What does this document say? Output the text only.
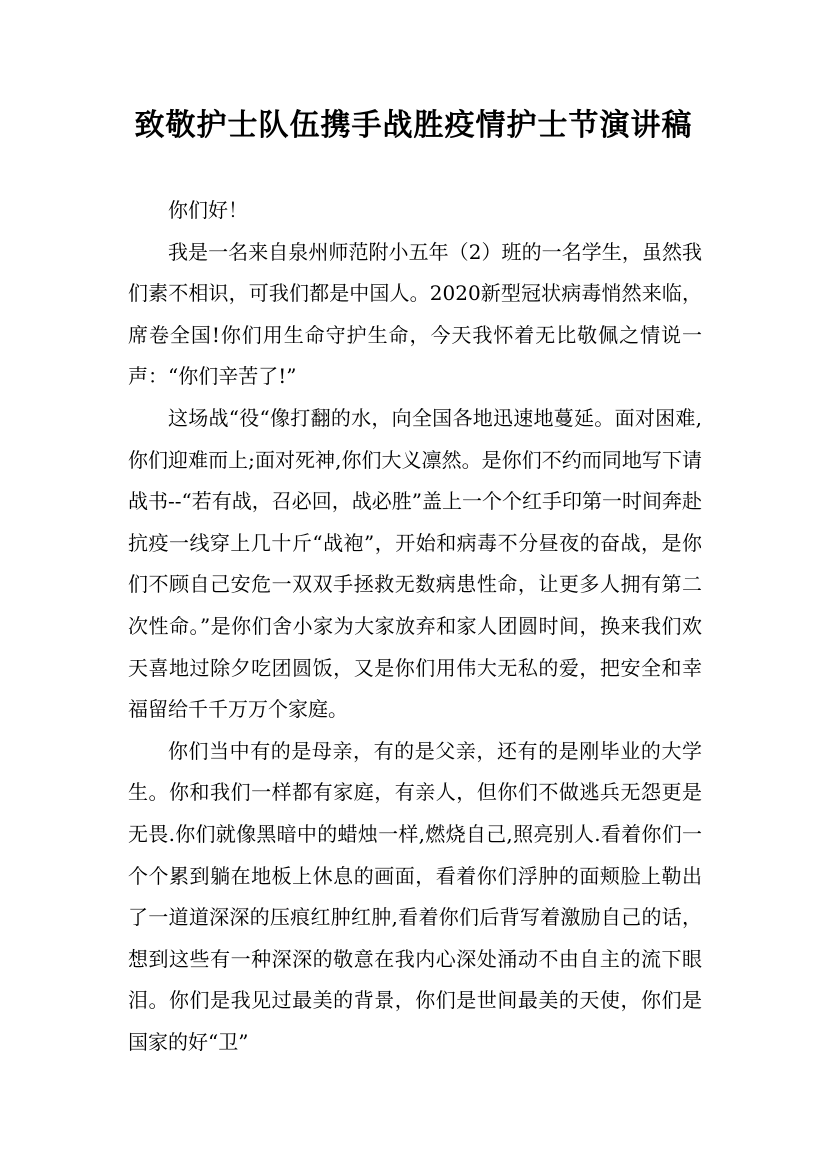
致敬护士队伍携手战胜疫情护士节演讲稿

你们好！

我是一名来自泉州师范附小五年（2）班的一名学生，虽然我们素不相识，可我们都是中国人。2020新型冠状病毒悄然来临，席卷全国!你们用生命守护生命，今天我怀着无比敬佩之情说一声：“你们辛苦了!”

这场战“役“像打翻的水，向全国各地迅速地蔓延。面对困难,你们迎难而上;面对死神,你们大义凛然。是你们不约而同地写下请战书--“若有战，召必回，战必胜”盖上一个个红手印第一时间奔赴抗疫一线穿上几十斤“战袍”，开始和病毒不分昼夜的奋战，是你们不顾自己安危一双双手拯救无数病患性命，让更多人拥有第二次性命。”是你们舍小家为大家放弃和家人团圆时间，换来我们欢天喜地过除夕吃团圆饭，又是你们用伟大无私的爱，把安全和幸福留给千千万万个家庭。

你们当中有的是母亲，有的是父亲，还有的是刚毕业的大学生。你和我们一样都有家庭，有亲人，但你们不做逃兵无怨更是无畏.你们就像黑暗中的蜡烛一样,燃烧自己,照亮别人.看着你们一个个累到躺在地板上休息的画面，看着你们浮肿的面颊脸上勒出了一道道深深的压痕红肿红肿,看着你们后背写着激励自己的话，想到这些有一种深深的敬意在我内心深处涌动不由自主的流下眼泪。你们是我见过最美的背景，你们是世间最美的天使，你们是国家的好“卫”
